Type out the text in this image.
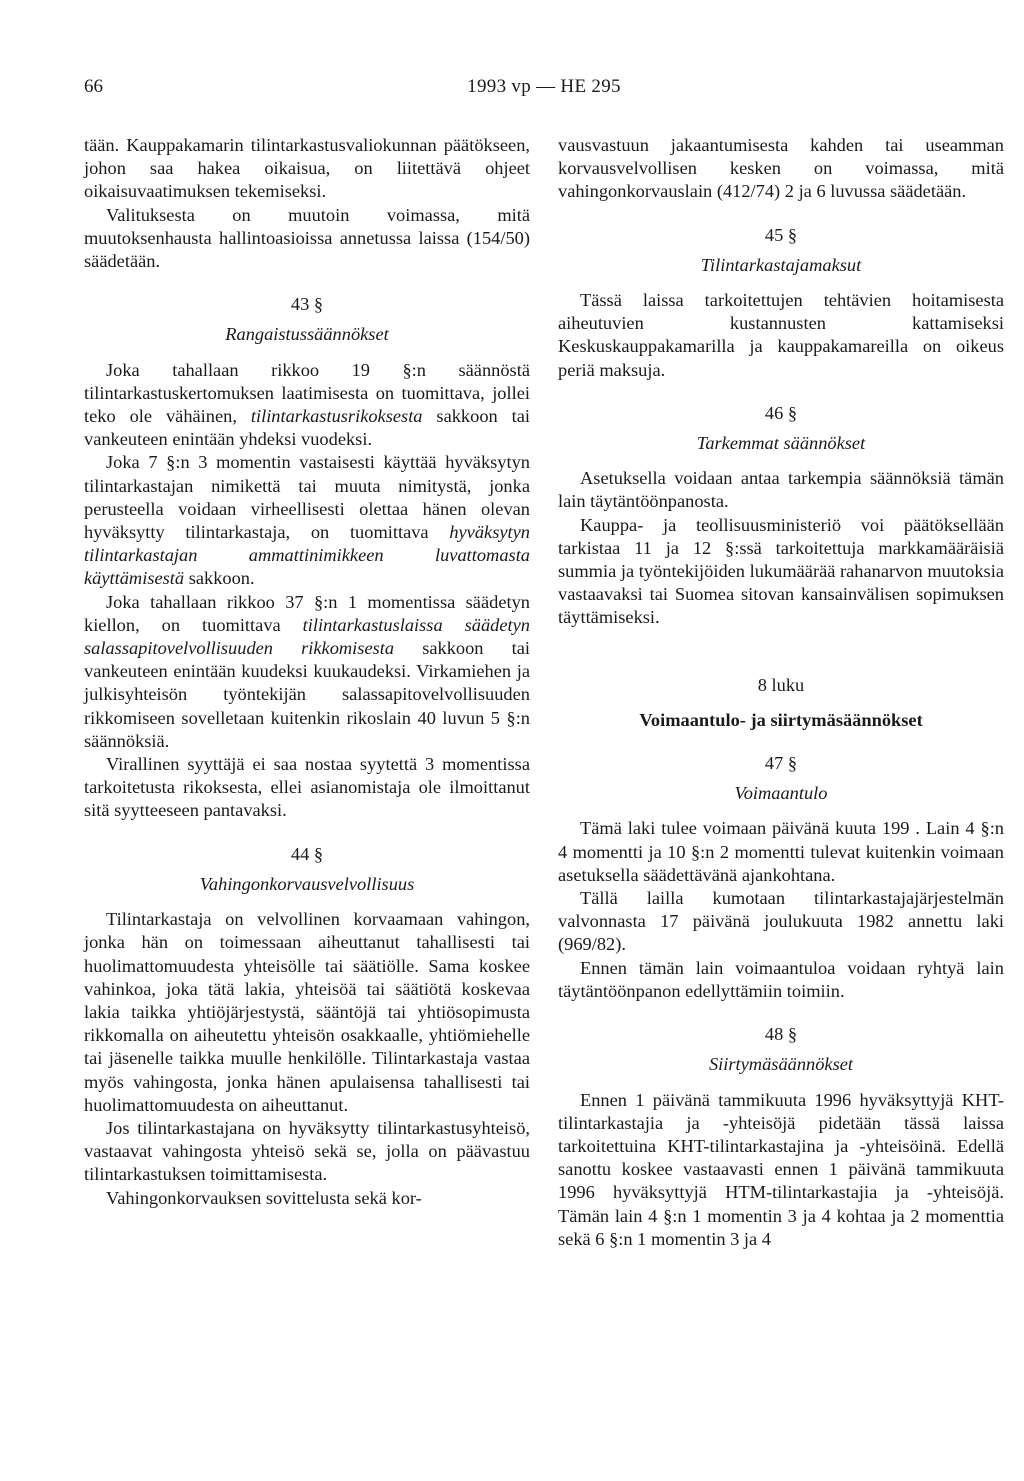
66	1993 vp — HE 295

tään. Kauppakamarin tilintarkastusvaliokunnan päätökseen, johon saa hakea oikaisua, on liitettävä ohjeet oikaisuvaatimuksen tekemiseksi.

Valituksesta on muutoin voimassa, mitä muutoksenhausta hallintoasioissa annetussa laissa (154/50) säädetään.

43 §
Rangaistussäännökset

Joka tahallaan rikkoo 19 §:n säännöstä tilintarkastuskertomuksen laatimisesta on tuomittava, jollei teko ole vähäinen, tilintarkastusrikoksesta sakkoon tai vankeuteen enintään yhdeksi vuodeksi.

Joka 7 §:n 3 momentin vastaisesti käyttää hyväksytyn tilintarkastajan nimikettä tai muuta nimitystä, jonka perusteella voidaan virheellisesti olettaa hänen olevan hyväksytty tilintarkastaja, on tuomittava hyväksytyn tilintarkastajan ammattinimikkeen luvattomasta käyttämisestä sakkoon.

Joka tahallaan rikkoo 37 §:n 1 momentissa säädetyn kiellon, on tuomittava tilintarkastuslaissa säädetyn salassapitovelvollisuuden rikkomisesta sakkoon tai vankeuteen enintään kuudeksi kuukaudeksi. Virkamiehen ja julkisyhteisön työntekijän salassapitovelvollisuuden rikkomiseen sovelletaan kuitenkin rikoslain 40 luvun 5 §:n säännöksiä.

Virallinen syyttäjä ei saa nostaa syytettä 3 momentissa tarkoitetusta rikoksesta, ellei asianomistaja ole ilmoittanut sitä syytteeseen pantavaksi.

44 §
Vahingonkorvausvelvollisuus

Tilintarkastaja on velvollinen korvaamaan vahingon, jonka hän on toimessaan aiheuttanut tahallisesti tai huolimattomuudesta yhteisölle tai säätiölle. Sama koskee vahinkoa, joka tätä lakia, yhteisöä tai säätiötä koskevaa lakia taikka yhtiöjärjestystä, sääntöjä tai yhtiösopimusta rikkomalla on aiheutettu yhteisön osakkaalle, yhtiömiehelle tai jäsenelle taikka muulle henkilölle. Tilintarkastaja vastaa myös vahingosta, jonka hänen apulaisensa tahallisesti tai huolimattomuudesta on aiheuttanut.

Jos tilintarkastajana on hyväksytty tilintarkastusyhteisö, vastaavat vahingosta yhteisö sekä se, jolla on päävastuu tilintarkastuksen toimittamisesta.

Vahingonkorvauksen sovittelusta sekä kor-

vausvastuun jakaantumisesta kahden tai useamman korvausvelvollisen kesken on voimassa, mitä vahingonkorvauslain (412/74) 2 ja 6 luvussa säädetään.

45 §
Tilintarkastajamaksut

Tässä laissa tarkoitettujen tehtävien hoitamisesta aiheutuvien kustannusten kattamiseksi Keskuskauppakamarilla ja kauppakamareilla on oikeus periä maksuja.

46 §
Tarkemmat säännökset

Asetuksella voidaan antaa tarkempia säännöksiä tämän lain täytäntöönpanosta.

Kauppa- ja teollisuusministeriö voi päätöksellään tarkistaa 11 ja 12 §:ssä tarkoitettuja markkamääräisiä summia ja työntekijöiden lukumäärää rahanarvon muutoksia vastaavaksi tai Suomea sitovan kansainvälisen sopimuksen täyttämiseksi.

8 luku
Voimaantulo- ja siirtymäsäännökset
47 §
Voimaantulo

Tämä laki tulee voimaan päivänä kuuta 199 . Lain 4 §:n 4 momentti ja 10 §:n 2 momentti tulevat kuitenkin voimaan asetuksella säädettävänä ajankohtana.

Tällä lailla kumotaan tilintarkastajajärjestelmän valvonnasta 17 päivänä joulukuuta 1982 annettu laki (969/82).

Ennen tämän lain voimaantuloa voidaan ryhtyä lain täytäntöönpanon edellyttämiin toimiin.

48 §
Siirtymäsäännökset

Ennen 1 päivänä tammikuuta 1996 hyväksyttyjä KHT-tilintarkastajia ja -yhteisöjä pidetään tässä laissa tarkoitettuina KHT-tilintarkastajina ja -yhteisöinä. Edellä sanottu koskee vastaavasti ennen 1 päivänä tammikuuta 1996 hyväksyttyjä HTM-tilintarkastajia ja -yhteisöjä. Tämän lain 4 §:n 1 momentin 3 ja 4 kohtaa ja 2 momenttia sekä 6 §:n 1 momentin 3 ja 4
